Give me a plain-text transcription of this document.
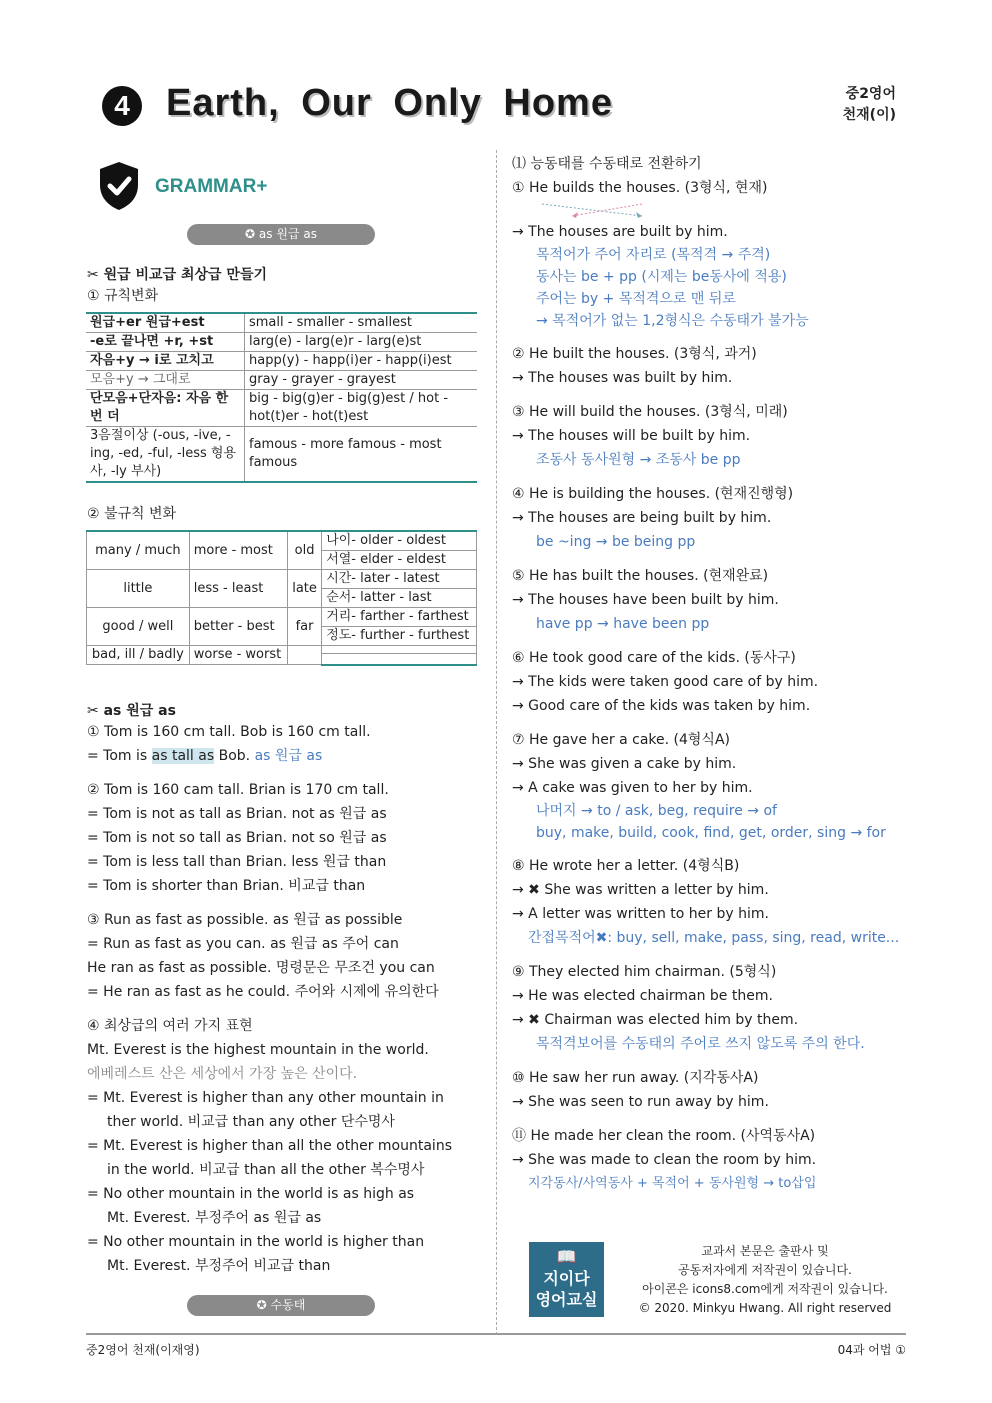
4 Earth, Our Only Home	중2영어
천재(이)
GRAMMAR+
✪ as 원급 as
✂ 원급 비교급 최상급 만들기
① 규칙변화
원급+er 원급+est	small - smaller - smallest
-e로 끝나면 +r, +st	larg(e) - larg(e)r - larg(e)st
자음+y → i로 고치고	happ(y) - happ(i)er - happ(i)est
모음+y → 그대로	gray - grayer - grayest
단모음+단자음: 자음 한 번 더	big - big(g)er - big(g)est / hot - hot(t)er - hot(t)est
3음절이상 (-ous, -ive, -ing, -ed, -ful, -less 형용사, -ly 부사)	famous - more famous - most famous
② 불규칙 변화
many / much	more - most	old	나이- older - oldest
			서열- elder - eldest
little	less - least	late	시간- later - latest
			순서- latter - last
good / well	better - best	far	거리- farther - farthest
			정도- further - furthest
bad, ill / badly	worse - worst		

✂ as 원급 as
① Tom is 160 cm tall. Bob is 160 cm tall.
= Tom is as tall as Bob. as 원급 as
② Tom is 160 cam tall. Brian is 170 cm tall.
= Tom is not as tall as Brian. not as 원급 as
= Tom is not so tall as Brian. not so 원급 as
= Tom is less tall than Brian. less 원급 than
= Tom is shorter than Brian. 비교급 than
③ Run as fast as possible. as 원급 as possible
= Run as fast as you can. as 원급 as 주어 can
He ran as fast as possible. 명령문은 무조건 you can
= He ran as fast as he could. 주어와 시제에 유의한다
④ 최상급의 여러 가지 표현
Mt. Everest is the highest mountain in the world.
에베레스트 산은 세상에서 가장 높은 산이다.
= Mt. Everest is higher than any other mountain in
ther world. 비교급 than any other 단수명사
= Mt. Everest is higher than all the other mountains
in the world. 비교급 than all the other 복수명사
= No other mountain in the world is as high as
Mt. Everest. 부정주어 as 원급 as
= No other mountain in the world is higher than
Mt. Everest. 부정주어 비교급 than
✪ 수동태
⑴ 능동태를 수동태로 전환하기
① He builds the houses. (3형식, 현재)
→ The houses are built by him.
목적어가 주어 자리로 (목적격 → 주격)
동사는 be + pp (시제는 be동사에 적용)
주어는 by + 목적격으로 맨 뒤로
→ 목적어가 없는 1,2형식은 수동태가 불가능
② He built the houses. (3형식, 과거)
→ The houses was built by him.
③ He will build the houses. (3형식, 미래)
→ The houses will be built by him.
조동사 동사원형 → 조동사 be pp
④ He is building the houses. (현재진행형)
→ The houses are being built by him.
be ~ing → be being pp
⑤ He has built the houses. (현재완료)
→ The houses have been built by him.
have pp → have been pp
⑥ He took good care of the kids. (동사구)
→ The kids were taken good care of by him.
→ Good care of the kids was taken by him.
⑦ He gave her a cake. (4형식A)
→ She was given a cake by him.
→ A cake was given to her by him.
나머지 → to / ask, beg, require → of
buy, make, build, cook, find, get, order, sing → for
⑧ He wrote her a letter. (4형식B)
→ ✖ She was written a letter by him.
→ A letter was written to her by him.
간접목적어✖: buy, sell, make, pass, sing, read, write...
⑨ They elected him chairman. (5형식)
→ He was elected chairman be them.
→ ✖ Chairman was elected him by them.
목적격보어를 수동태의 주어로 쓰지 않도록 주의 한다.
⑩ He saw her run away. (지각동사A)
→ She was seen to run away by him.
⑪ He made her clean the room. (사역동사A)
→ She was made to clean the room by him.
지각동사/사역동사 + 목적어 + 동사원형 → to삽입
📖
지이다
영어교실
교과서 본문은 출판사 및
공동저자에게 저작권이 있습니다.
아이콘은 icons8.com에게 저작권이 있습니다.
© 2020. Minkyu Hwang. All right reserved
중2영어 천재(이재영)	04과 어법 ①
